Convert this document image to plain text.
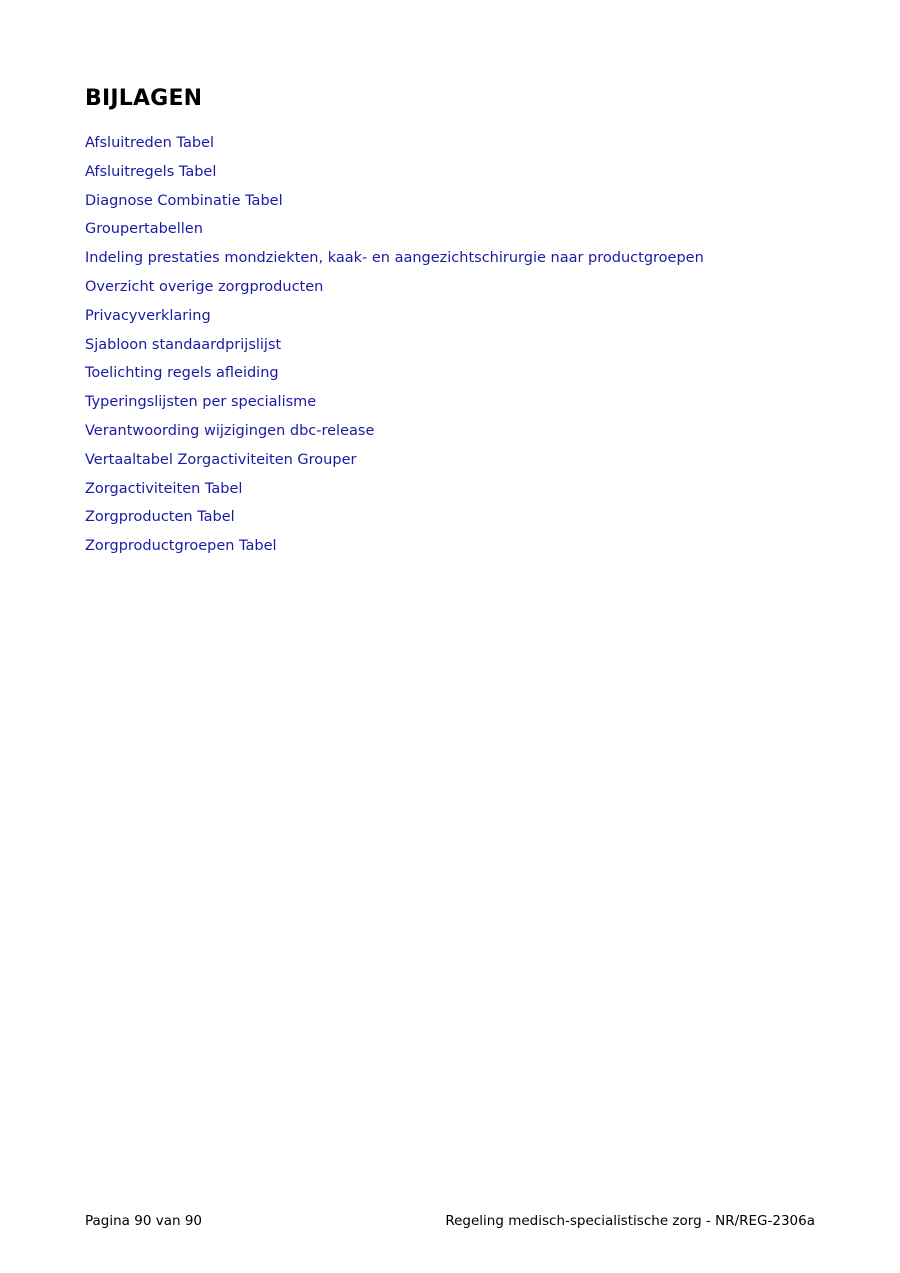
BIJLAGEN
Afsluitreden Tabel
Afsluitregels Tabel
Diagnose Combinatie Tabel
Groupertabellen
Indeling prestaties mondziekten, kaak- en aangezichtschirurgie naar productgroepen
Overzicht overige zorgproducten
Privacyverklaring
Sjabloon standaardprijslijst
Toelichting regels afleiding
Typeringslijsten per specialisme
Verantwoording wijzigingen dbc-release
Vertaaltabel Zorgactiviteiten Grouper
Zorgactiviteiten Tabel
Zorgproducten Tabel
Zorgproductgroepen Tabel
Pagina 90 van 90	Regeling medisch-specialistische zorg - NR/REG-2306a
